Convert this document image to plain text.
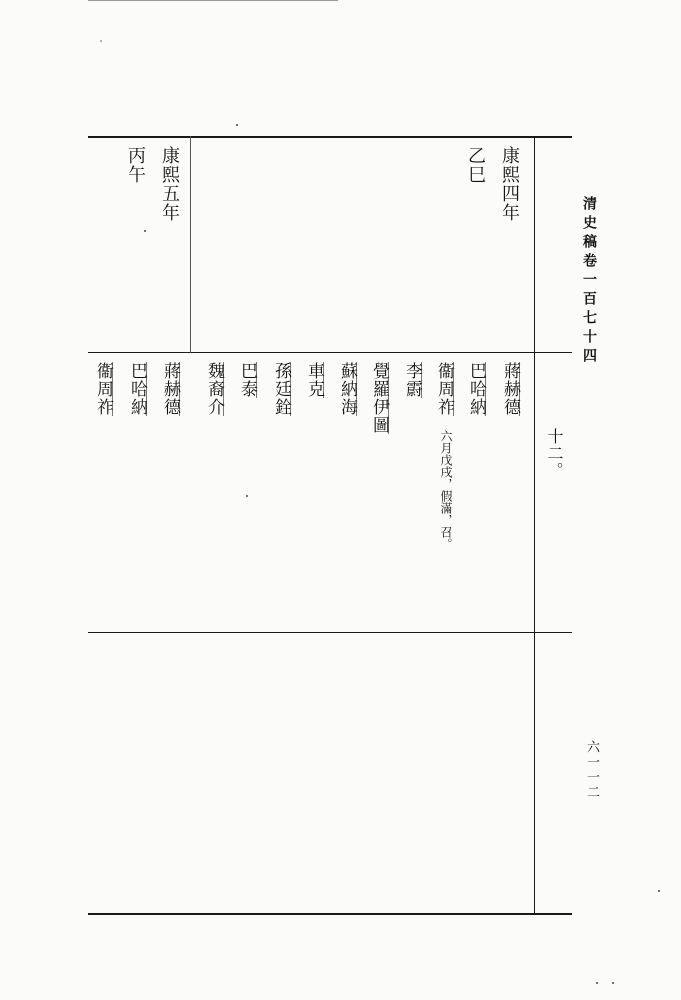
清史稿卷一百七十四
六一一二
康熙四年
乙巳
十二。
蔣赫德
巴哈納
衞周祚
六月戊戌，假滿，召。
李霨
覺羅伊圖
蘇納海
車克
孫廷銓
巴泰
魏裔介
康熙五年
丙午
蔣赫德
巴哈納
衞周祚
